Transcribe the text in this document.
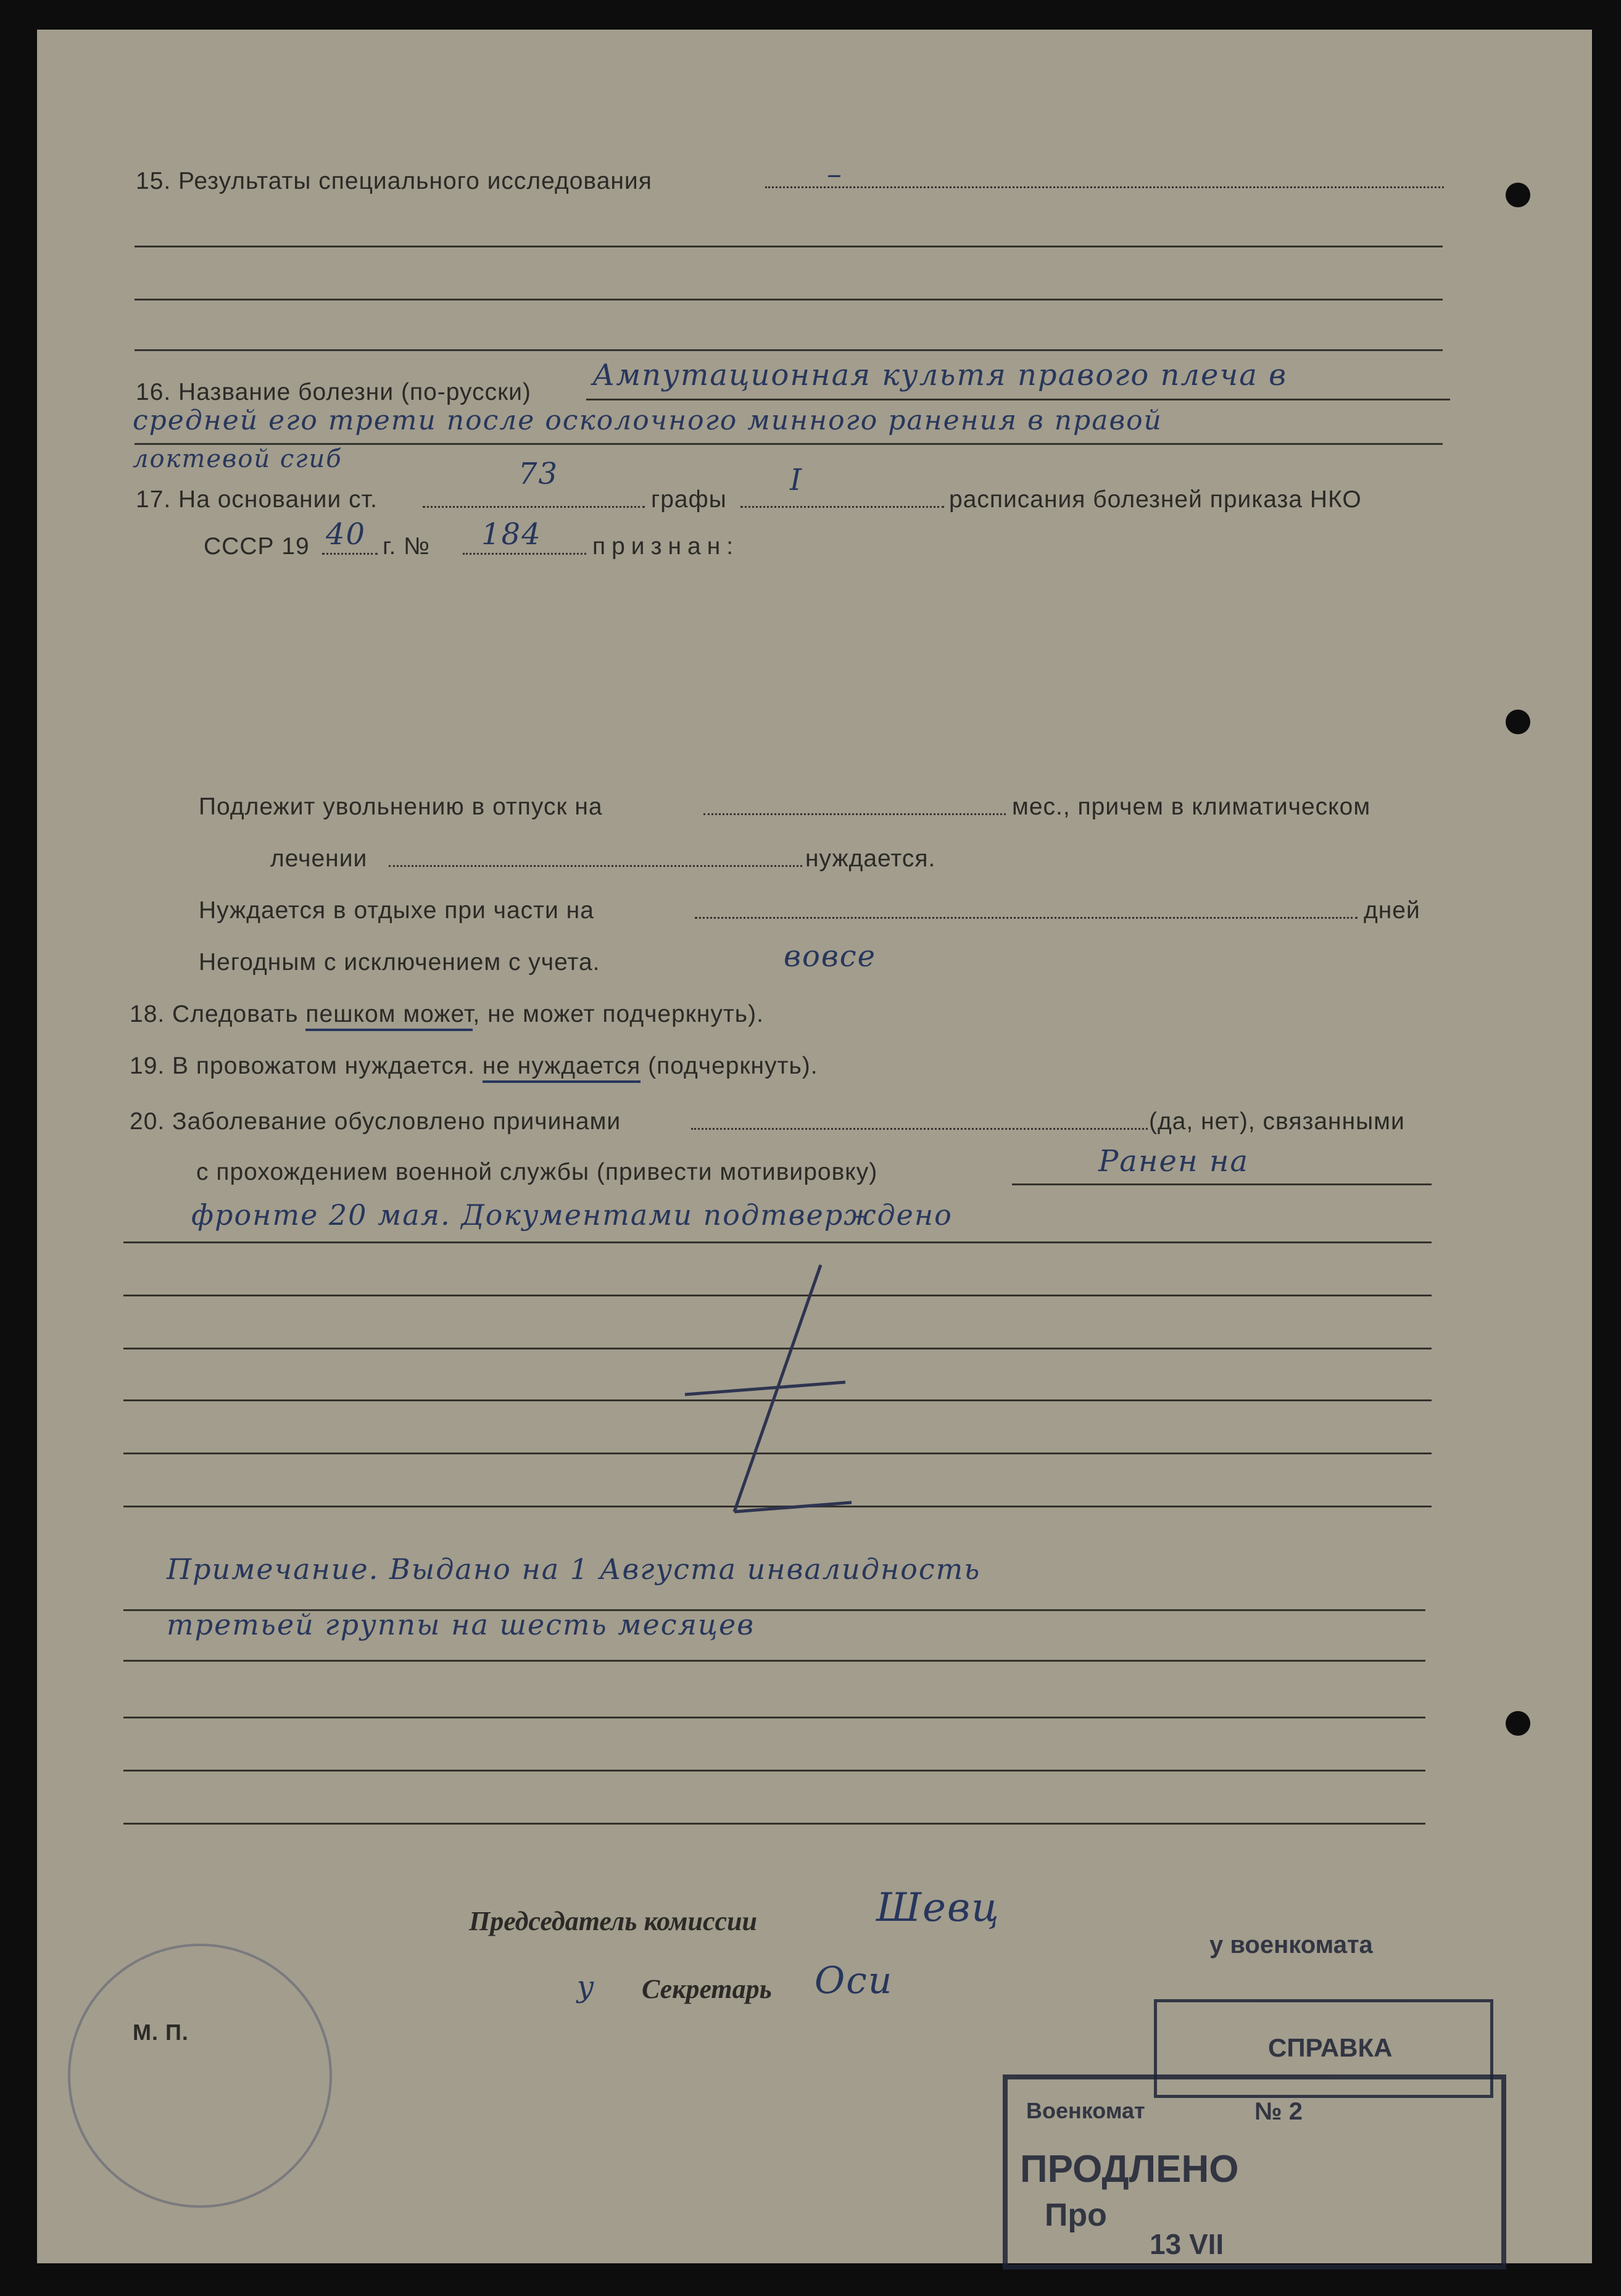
15. Результаты специального исследования	–
16. Название болезни (по-русски) Ампутационная культя правого плеча в
средней его трети после осколочного минного ранения в правой
локтевой сгиб
17. На основании ст.
73
графы
I
расписания болезней приказа НКО
СССР 19 40 г. № 184 признан:
Подлежит увольнению в отпуск на	мес., причем в климатическом
лечении	нуждается.
Нуждается в отдыхе при части на	дней
Негодным с исключением с учета.	вовсе
18. Следовать пешком может, не может подчеркнуть).
19. В провожатом нуждается. не нуждается (подчеркнуть).
20. Заболевание обусловлено причинами	(да, нет), связанными
с прохождением военной службы (привести мотивировку)	Ранен на
фронте 20 мая. Документами подтверждено
Примечание. Выдано на 1 Августа инвалидность
третьей группы на шесть месяцев
Председатель комиссии	Шевц
у Секретарь Оси
М. П.
у военкомата
СПРАВКА
Военкомат	№ 2
ПРОДЛЕНО
Про
13 VII
